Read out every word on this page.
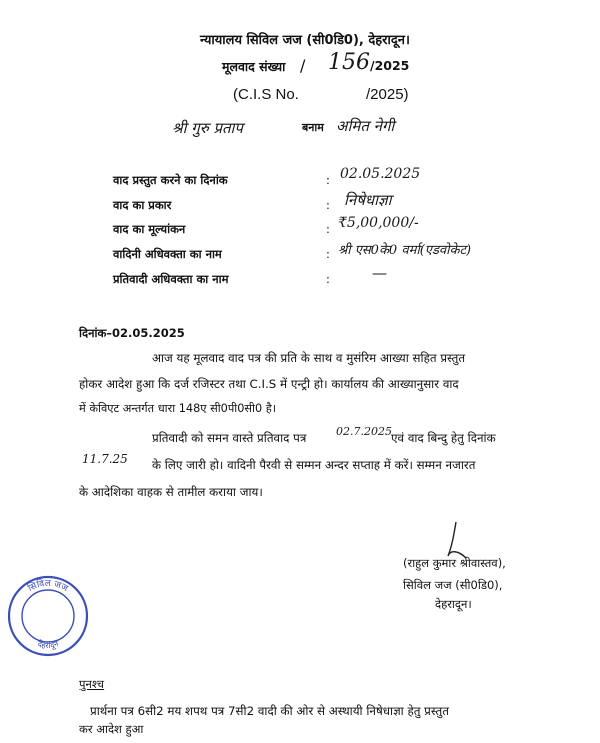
न्यायालय सिविल जज (सी0डि0), देहरादून।
मूलवाद संख्या / 156 /2025
(C.I.S No.	/2025)
श्री गुरु प्रताप	बनाम अमित नेगी
वाद प्रस्तुत करने का दिनांक	: 02.05.2025
वाद का प्रकार	: निषेधाज्ञा
वाद का मूल्यांकन	: ₹5,00,000/-
वादिनी अधिवक्ता का नाम	: श्री एस0के0 वर्मा(एडवोकेट)
प्रतिवादी अधिवक्ता का नाम	:	—
दिनांक–02.05.2025
आज यह मूलवाद वाद पत्र की प्रति के साथ व मुसंरिम आख्या सहित प्रस्तुत
होकर आदेश हुआ कि दर्ज रजिस्टर तथा C.I.S में एन्ट्री हो। कार्यालय की आख्यानुसार वाद
में केविएट अन्तर्गत धारा 148ए सी0पी0सी0 है।
प्रतिवादी को समन वास्ते प्रतिवाद पत्र	02.7.2025 एवं वाद बिन्दु हेतु दिनांक
11.7.25 के लिए जारी हो। वादिनी पैरवी से सम्मन अन्दर सप्ताह में करें। सम्मन नजारत
के आदेशिका वाहक से तामील कराया जाय।
(राहुल कुमार श्रीवास्तव),
सिविल जज (सी0डि0),
देहरादून।
सिविल जज
देहरादून
पुनश्च
प्रार्थना पत्र 6सी2 मय शपथ पत्र 7सी2 वादी की ओर से अस्थायी निषेधाज्ञा हेतु प्रस्तुत
कर आदेश हुआ
